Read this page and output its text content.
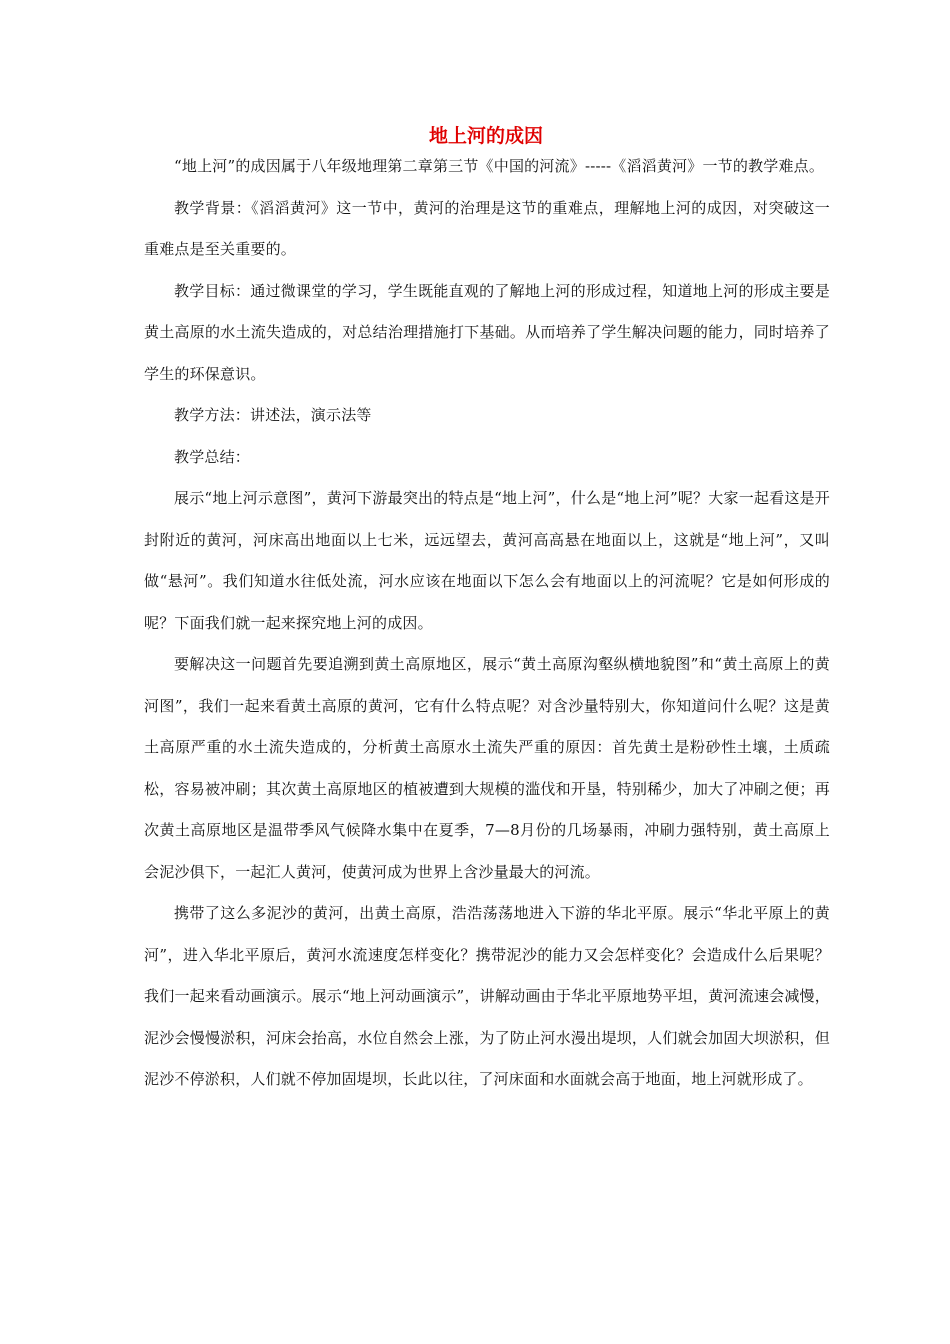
地上河的成因

“地上河”的成因属于八年级地理第二章第三节《中国的河流》-----《滔滔黄河》一节的教学难点。

教学背景：《滔滔黄河》这一节中，黄河的治理是这节的重难点，理解地上河的成因，对突破这一重难点是至关重要的。

教学目标：通过微课堂的学习，学生既能直观的了解地上河的形成过程，知道地上河的形成主要是黄土高原的水土流失造成的，对总结治理措施打下基础。从而培养了学生解决问题的能力，同时培养了学生的环保意识。

教学方法：讲述法，演示法等

教学总结：

展示“地上河示意图”，黄河下游最突出的特点是“地上河”，什么是“地上河”呢？大家一起看这是开封附近的黄河，河床高出地面以上七米，远远望去，黄河高高悬在地面以上，这就是“地上河”，又叫做“悬河”。我们知道水往低处流，河水应该在地面以下怎么会有地面以上的河流呢？它是如何形成的呢？下面我们就一起来探究地上河的成因。

要解决这一问题首先要追溯到黄土高原地区，展示“黄土高原沟壑纵横地貌图”和“黄土高原上的黄河图”，我们一起来看黄土高原的黄河，它有什么特点呢？对含沙量特别大，你知道问什么呢？这是黄土高原严重的水土流失造成的，分析黄土高原水土流失严重的原因：首先黄土是粉砂性土壤，土质疏松，容易被冲刷；其次黄土高原地区的植被遭到大规模的滥伐和开垦，特别稀少，加大了冲刷之便；再次黄土高原地区是温带季风气候降水集中在夏季，7—8月份的几场暴雨，冲刷力强特别，黄土高原上会泥沙俱下，一起汇人黄河，使黄河成为世界上含沙量最大的河流。

携带了这么多泥沙的黄河，出黄土高原，浩浩荡荡地进入下游的华北平原。展示“华北平原上的黄河”，进入华北平原后，黄河水流速度怎样变化？携带泥沙的能力又会怎样变化？会造成什么后果呢？我们一起来看动画演示。展示“地上河动画演示”，讲解动画由于华北平原地势平坦，黄河流速会减慢，泥沙会慢慢淤积，河床会抬高，水位自然会上涨，为了防止河水漫出堤坝，人们就会加固大坝淤积，但泥沙不停淤积，人们就不停加固堤坝，长此以往，了河床面和水面就会高于地面，地上河就形成了。
